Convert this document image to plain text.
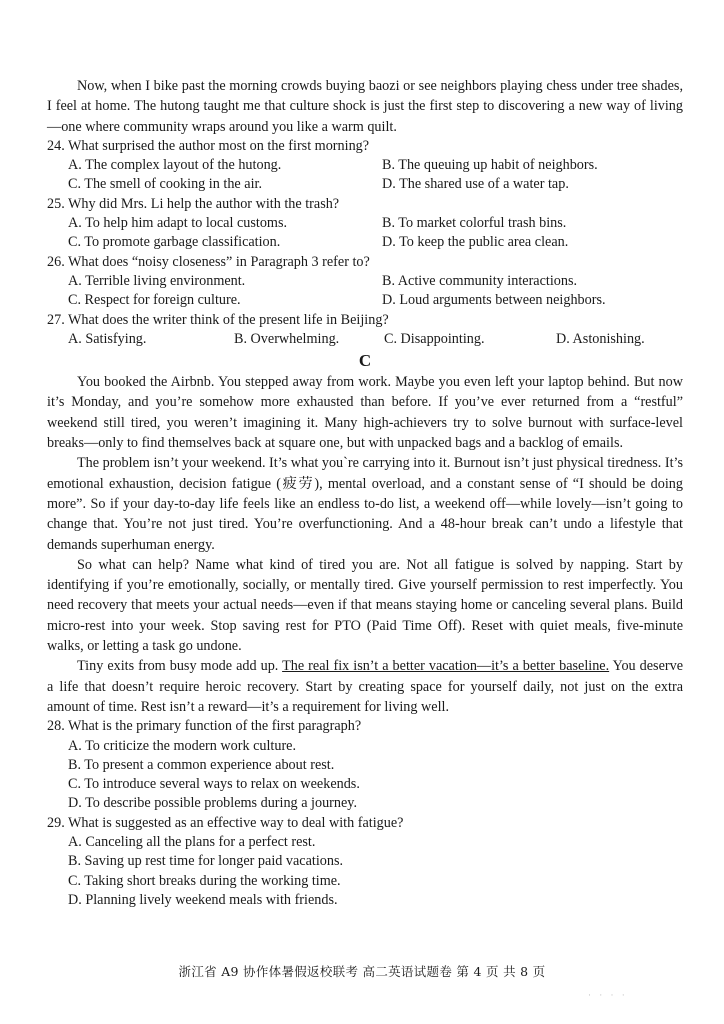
Now, when I bike past the morning crowds buying baozi or see neighbors playing chess under tree shades, I feel at home. The hutong taught me that culture shock is just the first step to discovering a new way of living—one where community wraps around you like a warm quilt.

24. What surprised the author most on the first morning?

A. The complex layout of the hutong.	B. The queuing up habit of neighbors.
C. The smell of cooking in the air.	D. The shared use of a water tap.

25. Why did Mrs. Li help the author with the trash?

A. To help him adapt to local customs.	B. To market colorful trash bins.
C. To promote garbage classification.	D. To keep the public area clean.

26. What does “noisy closeness” in Paragraph 3 refer to?

A. Terrible living environment.	B. Active community interactions.
C. Respect for foreign culture.	D. Loud arguments between neighbors.

27. What does the writer think of the present life in Beijing?

A. Satisfying.	B. Overwhelming.	C. Disappointing.	D. Astonishing.

C

You booked the Airbnb. You stepped away from work. Maybe you even left your laptop behind. But now it’s Monday, and you’re somehow more exhausted than before. If you’ve ever returned from a “restful” weekend still tired, you weren’t imagining it. Many high-achievers try to solve burnout with surface-level breaks—only to find themselves back at square one, but with unpacked bags and a backlog of emails.

The problem isn’t your weekend. It’s what you`re carrying into it. Burnout isn’t just physical tiredness. It’s emotional exhaustion, decision fatigue (疲劳), mental overload, and a constant sense of “I should be doing more”. So if your day-to-day life feels like an endless to-do list, a weekend off—while lovely—isn’t going to change that. You’re not just tired. You’re overfunctioning. And a 48-hour break can’t undo a lifestyle that demands superhuman energy.

So what can help? Name what kind of tired you are. Not all fatigue is solved by napping. Start by identifying if you’re emotionally, socially, or mentally tired. Give yourself permission to rest imperfectly. You need recovery that meets your actual needs—even if that means staying home or canceling several plans. Build micro-rest into your week. Stop saving rest for PTO (Paid Time Off). Reset with quiet meals, five-minute walks, or letting a task go undone.

Tiny exits from busy mode add up. The real fix isn’t a better vacation—it’s a better baseline. You deserve a life that doesn’t require heroic recovery. Start by creating space for yourself daily, not just on the extra amount of time. Rest isn’t a reward—it’s a requirement for living well.

28. What is the primary function of the first paragraph?

A. To criticize the modern work culture.
B. To present a common experience about rest.
C. To introduce several ways to relax on weekends.
D. To describe possible problems during a journey.

29. What is suggested as an effective way to deal with fatigue?

A. Canceling all the plans for a perfect rest.
B. Saving up rest time for longer paid vacations.
C. Taking short breaks during the working time.
D. Planning lively weekend meals with friends.
浙江省 A9 协作体暑假返校联考 高二英语试题卷 第 4 页 共 8 页
· · · ·
